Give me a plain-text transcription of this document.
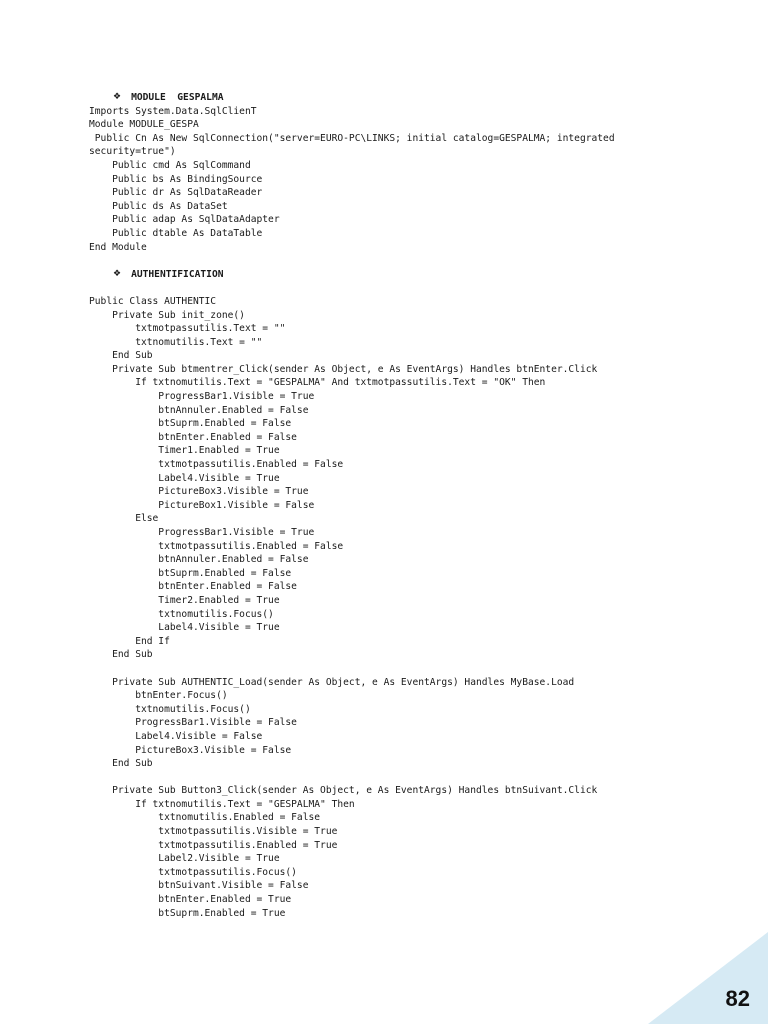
❖ MODULE  GESPALMA
Imports System.Data.SqlClienT
Module MODULE_GESPA
Public Cn As New SqlConnection("server=EURO-PC\LINKS; initial catalog=GESPALMA; integrated
security=true")
Public cmd As SqlCommand
Public bs As BindingSource
Public dr As SqlDataReader
Public ds As DataSet
Public adap As SqlDataAdapter
Public dtable As DataTable
End Module
❖ AUTHENTIFICATION
Public Class AUTHENTIC
Private Sub init_zone()
txtmotpassutilis.Text = ""
txtnomutilis.Text = ""
End Sub
Private Sub btmentrer_Click(sender As Object, e As EventArgs) Handles btnEnter.Click
If txtnomutilis.Text = "GESPALMA" And txtmotpassutilis.Text = "OK" Then
ProgressBar1.Visible = True
btnAnnuler.Enabled = False
btSuprm.Enabled = False
btnEnter.Enabled = False
Timer1.Enabled = True
txtmotpassutilis.Enabled = False
Label4.Visible = True
PictureBox3.Visible = True
PictureBox1.Visible = False
Else
ProgressBar1.Visible = True
txtmotpassutilis.Enabled = False
btnAnnuler.Enabled = False
btSuprm.Enabled = False
btnEnter.Enabled = False
Timer2.Enabled = True
txtnomutilis.Focus()
Label4.Visible = True
End If
End Sub
Private Sub AUTHENTIC_Load(sender As Object, e As EventArgs) Handles MyBase.Load
btnEnter.Focus()
txtnomutilis.Focus()
ProgressBar1.Visible = False
Label4.Visible = False
PictureBox3.Visible = False
End Sub
Private Sub Button3_Click(sender As Object, e As EventArgs) Handles btnSuivant.Click
If txtnomutilis.Text = "GESPALMA" Then
txtnomutilis.Enabled = False
txtmotpassutilis.Visible = True
txtmotpassutilis.Enabled = True
Label2.Visible = True
txtmotpassutilis.Focus()
btnSuivant.Visible = False
btnEnter.Enabled = True
btSuprm.Enabled = True
82
